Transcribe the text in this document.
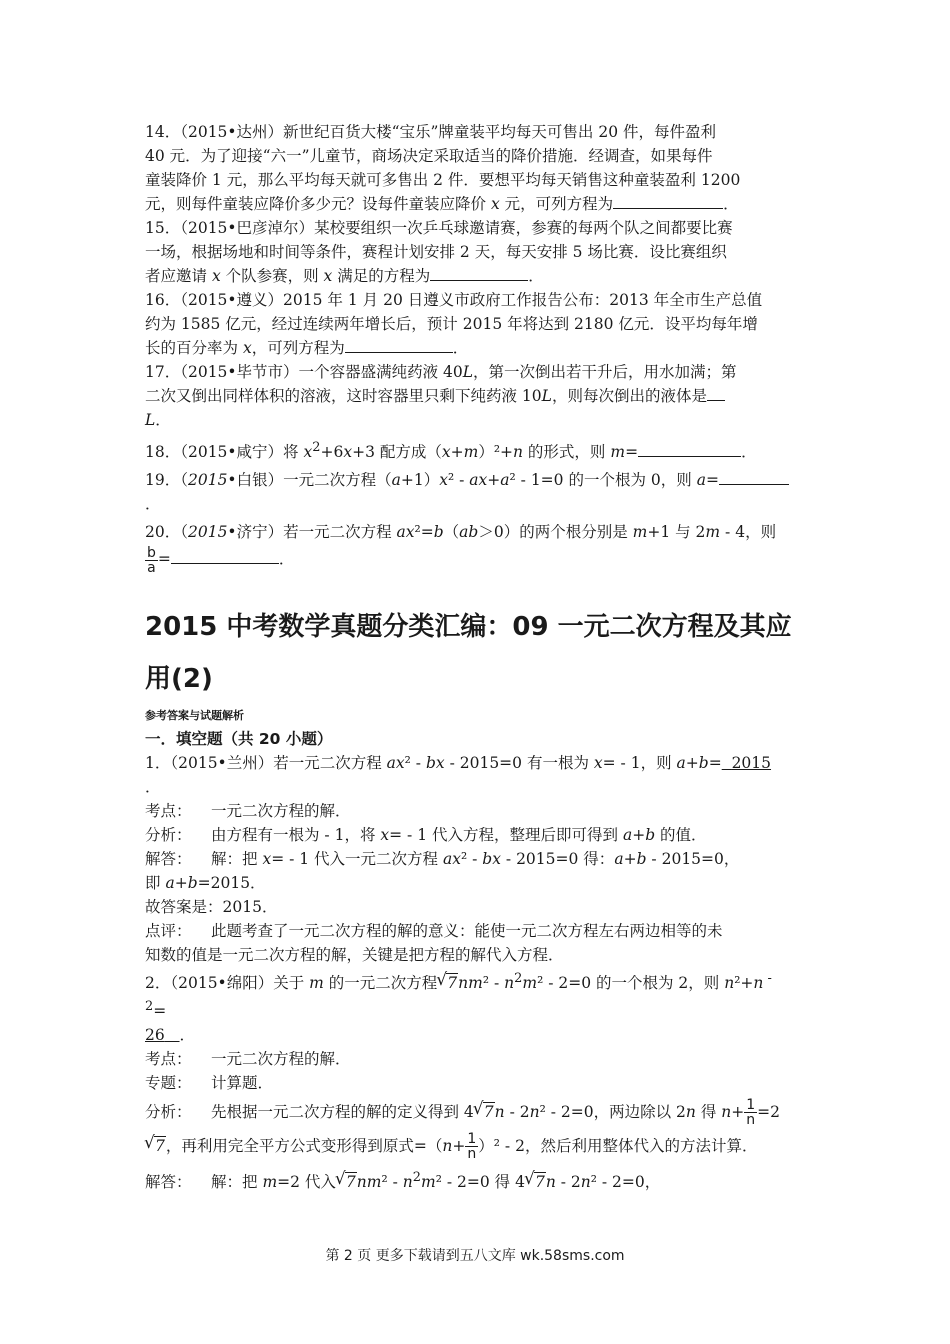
14．（2015•达州）新世纪百货大楼“宝乐”牌童装平均每天可售出 20 件，每件盈利

40 元．为了迎接“六一”儿童节，商场决定采取适当的降价措施．经调查，如果每件

童装降价 1 元，那么平均每天就可多售出 2 件．要想平均每天销售这种童装盈利 1200

元，则每件童装应降价多少元？设每件童装应降价 x 元，可列方程为	．

15．（2015•巴彦淖尔）某校要组织一次乒乓球邀请赛，参赛的每两个队之间都要比赛

一场，根据场地和时间等条件，赛程计划安排 2 天，每天安排 5 场比赛．设比赛组织

者应邀请 x 个队参赛，则 x 满足的方程为	．

16．（2015•遵义）2015 年 1 月 20 日遵义市政府工作报告公布：2013 年全市生产总值

约为 1585 亿元，经过连续两年增长后，预计 2015 年将达到 2180 亿元．设平均每年增

长的百分率为 x，可列方程为	．

17．（2015•毕节市）一个容器盛满纯药液 40L，第一次倒出若干升后，用水加满；第

二次又倒出同样体积的溶液，这时容器里只剩下纯药液 10L，则每次倒出的液体是

L．

18．（2015•咸宁）将 $x^2+6x+3$ 配方成（x+m）²+n 的形式，则 m=	．

19．（2015•白银）一元二次方程（a+1）x² ‑ ax+a² ‑ 1=0 的一个根为 0，则 a=

．

20．（2015•济宁）若一元二次方程 ax²=b（ab＞0）的两个根分别是 m+1 与 2m ‑ 4，则

$\frac{b}{a}$ =	．

2015 中考数学真题分类汇编：09 一元二次方程及其应
用(2)

参考答案与试题解析

一．填空题（共 20 小题）

1．（2015•兰州）若一元二次方程 ax² ‑ bx ‑ 2015=0 有一根为 x= ‑ 1，则 a+b= 2015

．

考点： 一元二次方程的解．

分析： 由方程有一根为 ‑ 1，将 x= ‑ 1 代入方程，整理后即可得到 a+b 的值．

解答： 解：把 x= ‑ 1 代入一元二次方程 ax² ‑ bx ‑ 2015=0 得：a+b ‑ 2015=0，

即 a+b=2015．

故答案是：2015．

点评： 此题考查了一元二次方程的解的意义：能使一元二次方程左右两边相等的未

知数的值是一元二次方程的解，关键是把方程的解代入方程．

2．（2015•绵阳）关于 m 的一元二次方程 √ 7nm² ‑ $n^2m^2$ ‑ 2=0 的一个根为 2，则 n²+n $^{‑ 2}$=

26 ．

考点： 一元二次方程的解．

专题： 计算题．

分析： 先根据一元二次方程的解的定义得到 4 √ 7n ‑ 2n² ‑ 2=0，两边除以 2n 得 $n+ \frac{1}{n} =2$

√ 7，再利用完全平方公式变形得到原式$=(n+ \frac{1}{n} )^2$ ‑ 2，然后利用整体代入的方法计算．

解答： 解：把 m=2 代入 √ 7nm² ‑ $n^2m^2$ ‑ 2=0 得 4 √ 7n ‑ 2n² ‑ 2=0，

第 2 页 更多下载请到五八文库 wk.58sms.com
